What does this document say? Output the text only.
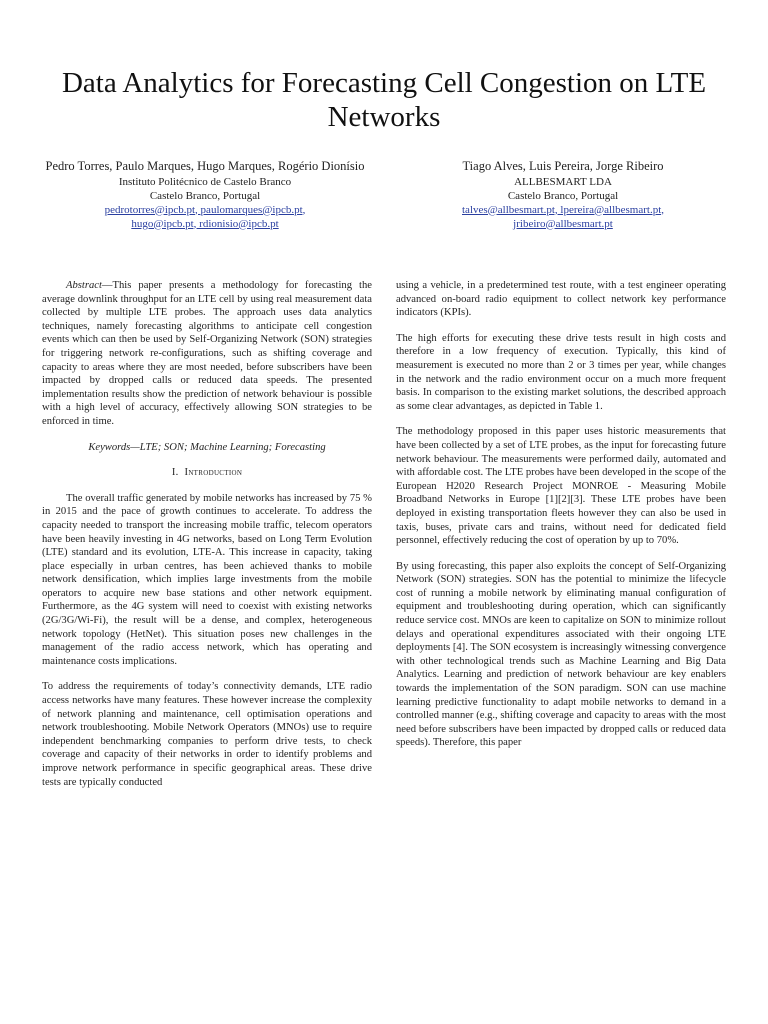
Data Analytics for Forecasting Cell Congestion on LTE Networks
Pedro Torres, Paulo Marques, Hugo Marques, Rogério Dionísio
Instituto Politécnico de Castelo Branco
Castelo Branco, Portugal
pedrotorres@ipcb.pt, paulomarques@ipcb.pt,
hugo@ipcb.pt, rdionisio@ipcb.pt
Tiago Alves, Luis Pereira, Jorge Ribeiro
ALLBESMART LDA
Castelo Branco, Portugal
talves@allbesmart.pt, lpereira@allbesmart.pt,
jribeiro@allbesmart.pt

Abstract—This paper presents a methodology for forecasting the average downlink throughput for an LTE cell by using real measurement data collected by multiple LTE probes. The approach uses data analytics techniques, namely forecasting algorithms to anticipate cell congestion events which can then be used by Self-Organizing Network (SON) strategies for triggering network re-configurations, such as shifting coverage and capacity to areas where they are most needed, before subscribers have been impacted by dropped calls or reduced data speeds. The presented implementation results show the prediction of network behaviour is possible with a high level of accuracy, effectively allowing SON strategies to be enforced in time.

Keywords—LTE; SON; Machine Learning; Forecasting

I. Introduction

The overall traffic generated by mobile networks has increased by 75 % in 2015 and the pace of growth continues to accelerate. To address the capacity needed to transport the increasing mobile traffic, telecom operators have been heavily investing in 4G networks, based on Long Term Evolution (LTE) standard and its evolution, LTE-A. This increase in capacity, taking place especially in urban centres, has been achieved thanks to mobile network densification, which implies large investments from the mobile operators to acquire new base stations and other network equipment. Furthermore, as the 4G system will need to coexist with existing networks (2G/3G/Wi-Fi), the result will be a dense, and complex, heterogeneous network topology (HetNet). This situation poses new challenges in the management of the radio access network, which has operating and maintenance costs implications.

To address the requirements of today’s connectivity demands, LTE radio access networks have many features. These however increase the complexity of network planning and maintenance, cell optimisation operations and network troubleshooting. Mobile Network Operators (MNOs) use to require independent benchmarking companies to perform drive tests, to check coverage and capacity of their networks in order to identify problems and improve network performance in specific geographical areas. These drive tests are typically conducted

using a vehicle, in a predetermined test route, with a test engineer operating advanced on-board radio equipment to collect network key performance indicators (KPIs).

The high efforts for executing these drive tests result in high costs and therefore in a low frequency of execution. Typically, this kind of measurement is executed no more than 2 or 3 times per year, while changes in the network and the radio environment occur on a much more frequent basis. In comparison to the existing market solutions, the described approach as some clear advantages, as depicted in Table 1.

The methodology proposed in this paper uses historic measurements that have been collected by a set of LTE probes, as the input for forecasting future network behaviour. The measurements were performed daily, automated and with affordable cost. The LTE probes have been developed in the scope of the European H2020 Research Project MONROE - Measuring Mobile Broadband Networks in Europe [1][2][3]. These LTE probes have been deployed in existing transportation fleets however they can also be used in taxis, buses, private cars and trains, without need for dedicated field personnel, effectively reducing the cost of operation by up to 70%.

By using forecasting, this paper also exploits the concept of Self-Organizing Network (SON) strategies. SON has the potential to minimize the lifecycle cost of running a mobile network by eliminating manual configuration of equipment and troubleshooting during operation, which can significantly reduce service cost. MNOs are keen to capitalize on SON to minimize rollout delays and operational expenditures associated with their ongoing LTE deployments [4]. The SON ecosystem is increasingly witnessing convergence with other technological trends such as Machine Learning and Big Data Analytics. Learning and prediction of network behaviour are key enablers towards the implementation of the SON paradigm. SON can use machine learning predictive functionality to adapt mobile networks to demand in a controlled manner (e.g., shifting coverage and capacity to areas with the most need before subscribers have been impacted by dropped calls or reduced data speeds). Therefore, this paper
